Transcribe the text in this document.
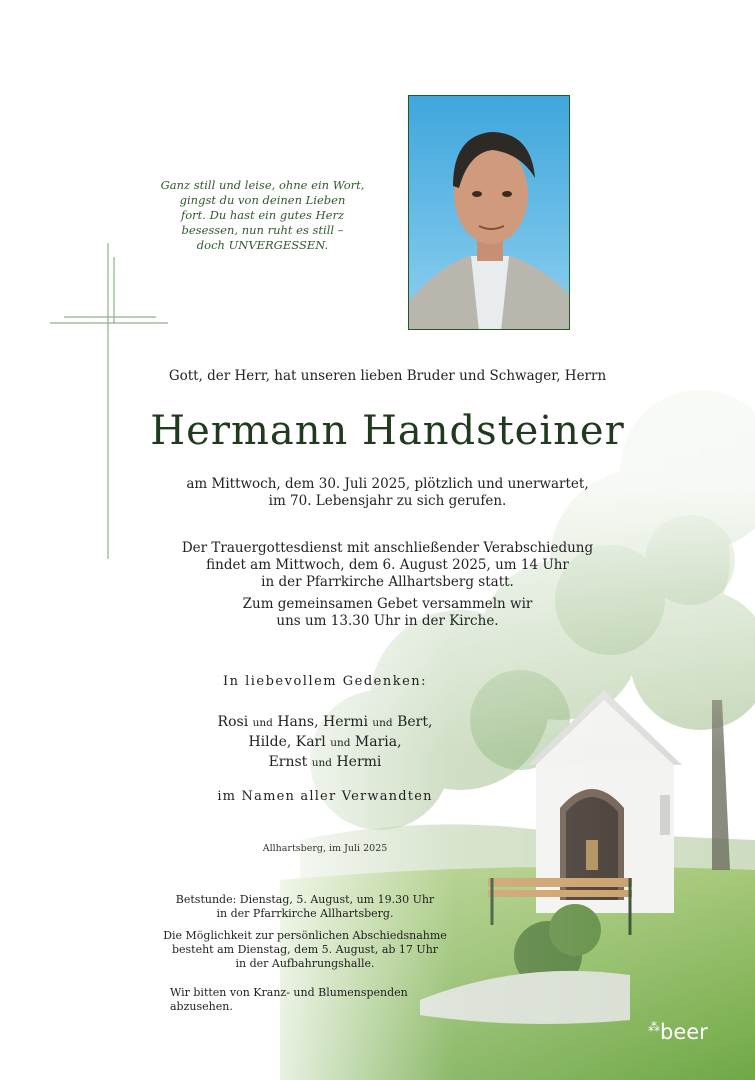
Ganz still und leise, ohne ein Wort,
gingst du von deinen Lieben
fort. Du hast ein gutes Herz
besessen, nun ruht es still –
doch UNVERGESSEN.
Gott, der Herr, hat unseren lieben Bruder und Schwager, Herrn
Hermann Handsteiner
am Mittwoch, dem 30. Juli 2025, plötzlich und unerwartet,
im 70. Lebensjahr zu sich gerufen.
Der Trauergottesdienst mit anschließender Verabschiedung
findet am Mittwoch, dem 6. August 2025, um 14 Uhr
in der Pfarrkirche Allhartsberg statt.
Zum gemeinsamen Gebet versammeln wir
uns um 13.30 Uhr in der Kirche.
In liebevollem Gedenken:
Rosi und Hans, Hermi und Bert,
Hilde, Karl und Maria,
Ernst und Hermi
im Namen aller Verwandten
Allhartsberg, im Juli 2025
Betstunde: Dienstag, 5. August, um 19.30 Uhr
in der Pfarrkirche Allhartsberg.
Die Möglichkeit zur persönlichen Abschiedsnahme
besteht am Dienstag, dem 5. August, ab 17 Uhr
in der Aufbahrungshalle.
Wir bitten von Kranz- und Blumenspenden abzusehen.
⁂beer
